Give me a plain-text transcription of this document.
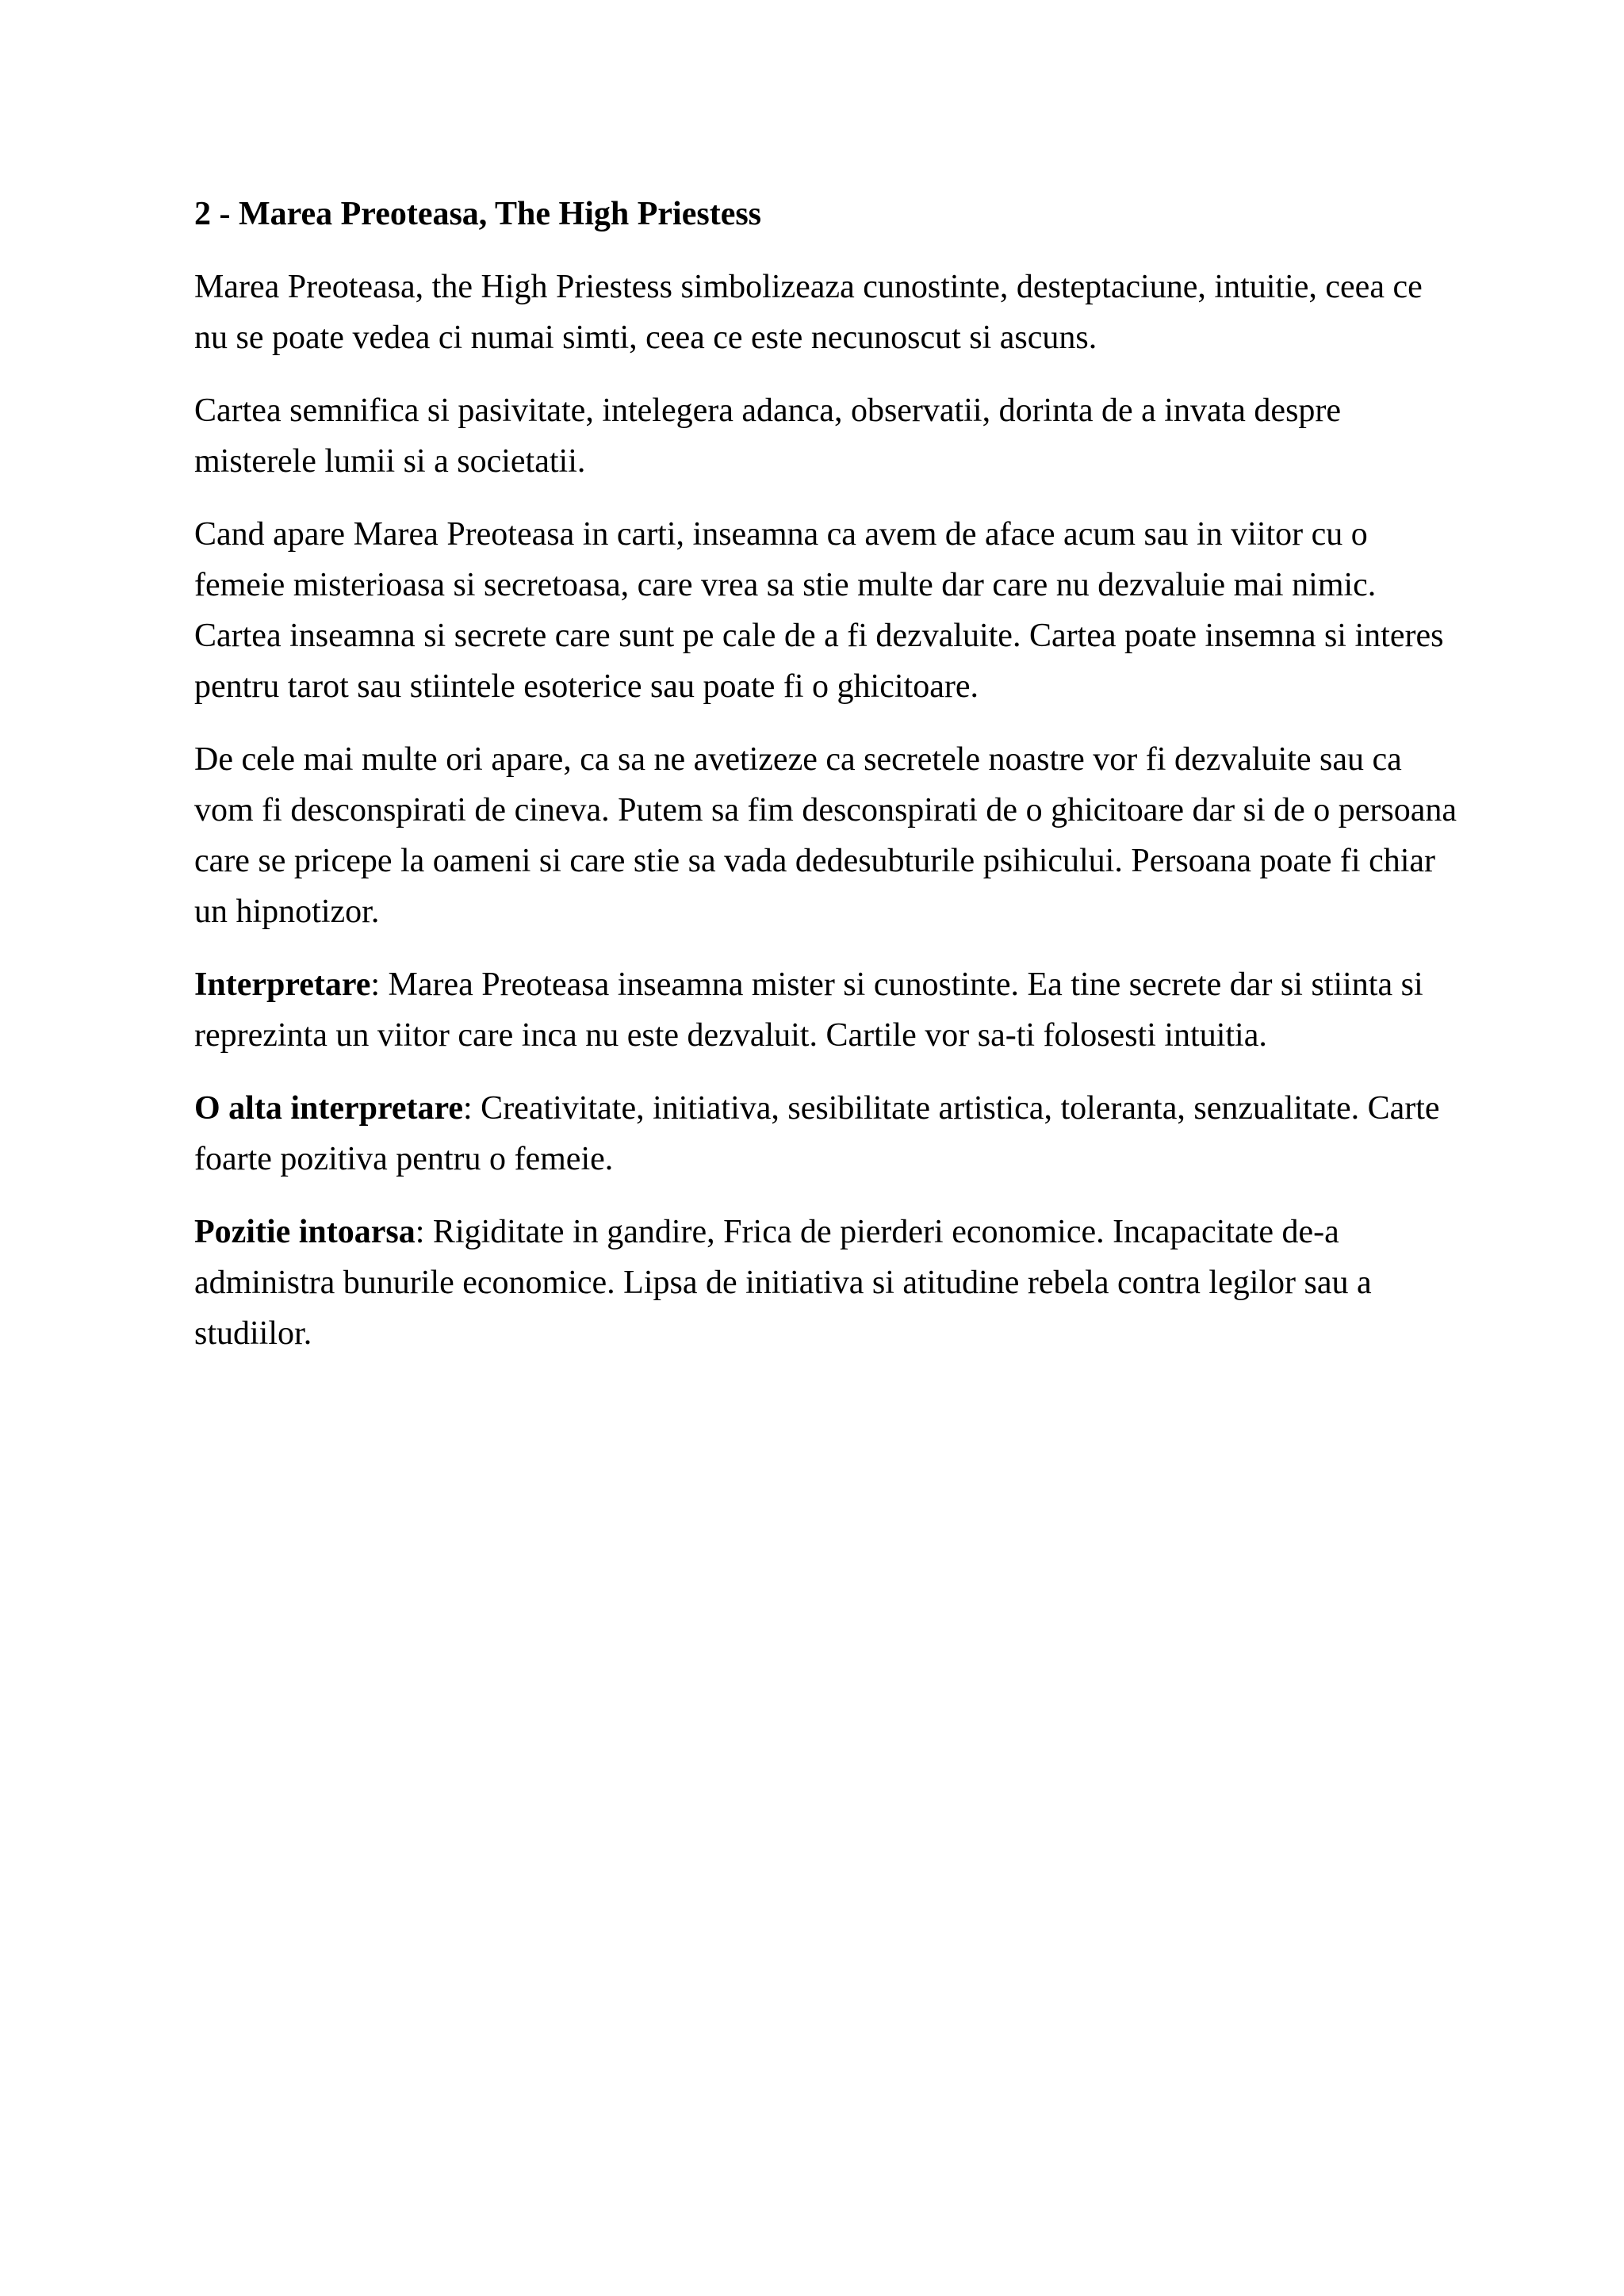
2 - Marea Preoteasa, The High Priestess

Marea Preoteasa, the High Priestess simbolizeaza cunostinte, desteptaciune, intuitie, ceea ce nu se poate vedea ci numai simti, ceea ce este necunoscut si ascuns.

Cartea semnifica si pasivitate, intelegera adanca, observatii, dorinta de a invata despre misterele lumii si a societatii.

Cand apare Marea Preoteasa in carti, inseamna ca avem de aface acum sau in viitor cu o femeie misterioasa si secretoasa, care vrea sa stie multe dar care nu dezvaluie mai nimic. Cartea inseamna si secrete care sunt pe cale de a fi dezvaluite. Cartea poate insemna si interes pentru tarot sau stiintele esoterice sau poate fi o ghicitoare.

De cele mai multe ori apare, ca sa ne avetizeze ca secretele noastre vor fi dezvaluite sau ca vom fi desconspirati de cineva. Putem sa fim desconspirati de o ghicitoare dar si de o persoana care se pricepe la oameni si care stie sa vada dedesubturile psihicului. Persoana poate fi chiar un hipnotizor.

Interpretare: Marea Preoteasa inseamna mister si cunostinte. Ea tine secrete dar si stiinta si reprezinta un viitor care inca nu este dezvaluit. Cartile vor sa-ti folosesti intuitia.

O alta interpretare: Creativitate, initiativa, sesibilitate artistica, toleranta, senzualitate. Carte foarte pozitiva pentru o femeie.

Pozitie intoarsa: Rigiditate in gandire, Frica de pierderi economice. Incapacitate de-a administra bunurile economice. Lipsa de initiativa si atitudine rebela contra legilor sau a studiilor.
